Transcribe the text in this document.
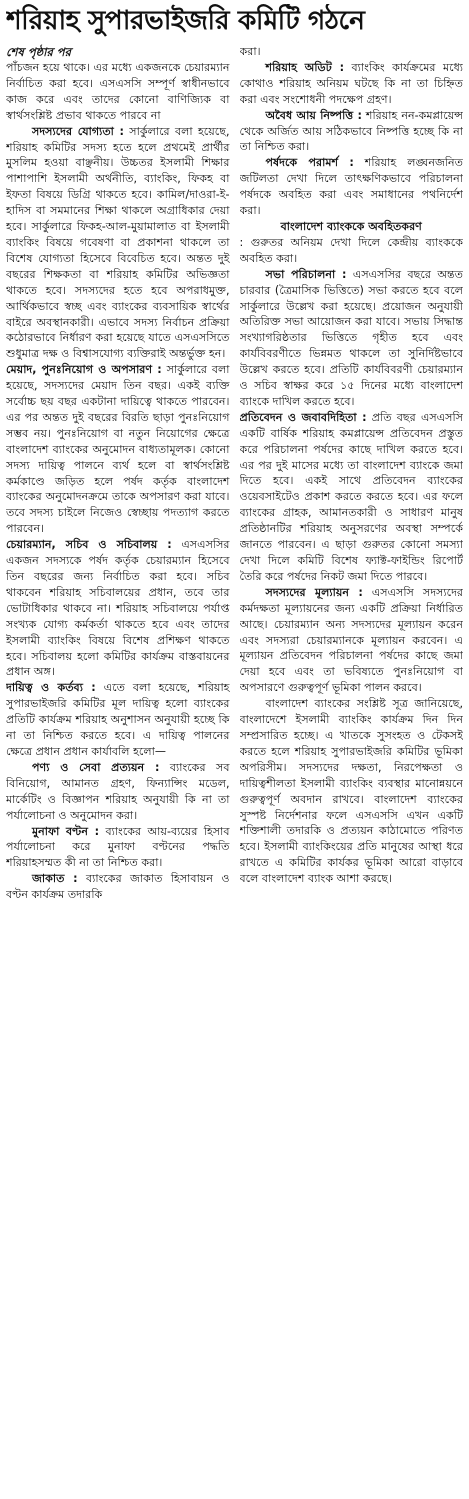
শরিয়াহ সুপারভাইজরি কমিটি গঠনে
শেষ পৃষ্ঠার পর

পাঁচজন হয়ে থাকে। এর মধ্যে একজনকে চেয়ারম্যান নির্বাচিত করা হবে। এসএসসি সম্পূর্ণ স্বাধীনভাবে কাজ করে এবং তাদের কোনো বাণিজ্যিক বা স্বার্থসংশ্লিষ্ট প্রভাব থাকতে পারবে না

সদস্যদের যোগ্যতা : সার্কুলারে বলা হয়েছে, শরিয়াহ কমিটির সদস্য হতে হলে প্রথমেই প্রার্থীর মুসলিম হওয়া বাঞ্ছনীয়। উচ্চতর ইসলামী শিক্ষার পাশাপাশি ইসলামী অর্থনীতি, ব্যাংকিং, ফিকহ বা ইফতা বিষয়ে ডিগ্রি থাকতে হবে। কামিল/দাওরা-ই-হাদিস বা সমমানের শিক্ষা থাকলে অগ্রাধিকার দেয়া হবে। সার্কুলারে ফিকহ-আল-মুয়ামালাত বা ইসলামী ব্যাংকিং বিষয়ে গবেষণা বা প্রকাশনা থাকলে তা বিশেষ যোগ্যতা হিসেবে বিবেচিত হবে। অন্তত দুই বছরের শিক্ষকতা বা শরিয়াহ কমিটির অভিজ্ঞতা থাকতে হবে। সদস্যদের হতে হবে অপরাধমুক্ত, আর্থিকভাবে স্বচ্ছ এবং ব্যাংকের ব্যবসায়িক স্বার্থের বাইরে অবস্থানকারী। এভাবে সদস্য নির্বাচন প্রক্রিয়া কঠোরভাবে নির্ধারণ করা হয়েছে যাতে এসএসসিতে শুধুমাত্র দক্ষ ও বিশ্বাসযোগ্য ব্যক্তিরাই অন্তর্ভুক্ত হন।

মেয়াদ, পুনঃনিয়োগ ও অপসারণ : সার্কুলারে বলা হয়েছে, সদস্যদের মেয়াদ তিন বছর। একই ব্যক্তি সর্বোচ্চ ছয় বছর একটানা দায়িত্বে থাকতে পারবেন। এর পর অন্তত দুই বছরের বিরতি ছাড়া পুনঃনিয়োগ সম্ভব নয়। পুনঃনিয়োগ বা নতুন নিয়োগের ক্ষেত্রে বাংলাদেশ ব্যাংকের অনুমোদন বাধ্যতামূলক। কোনো সদস্য দায়িত্ব পালনে ব্যর্থ হলে বা স্বার্থসংশ্লিষ্ট কর্মকাণ্ডে জড়িত হলে পর্ষদ কর্তৃক বাংলাদেশ ব্যাংকের অনুমোদনক্রমে তাকে অপসারণ করা যাবে। তবে সদস্য চাইলে নিজেও স্বেচ্ছায় পদত্যাগ করতে পারবেন।

চেয়ারম্যান, সচিব ও সচিবালয় : এসএসসির একজন সদস্যকে পর্ষদ কর্তৃক চেয়ারম্যান হিসেবে তিন বছরের জন্য নির্বাচিত করা হবে। সচিব থাকবেন শরিয়াহ সচিবালয়ের প্রধান, তবে তার ভোটাধিকার থাকবে না। শরিয়াহ সচিবালয়ে পর্যাপ্ত সংখ্যক যোগ্য কর্মকর্তা থাকতে হবে এবং তাদের ইসলামী ব্যাংকিং বিষয়ে বিশেষ প্রশিক্ষণ থাকতে হবে। সচিবালয় হলো কমিটির কার্যক্রম বাস্তবায়নের প্রধান অঙ্গ।

দায়িত্ব ও কর্তব্য : এতে বলা হয়েছে, শরিয়াহ সুপারভাইজরি কমিটির মূল দায়িত্ব হলো ব্যাংকের প্রতিটি কার্যক্রম শরিয়াহ অনুশাসন অনুযায়ী হচ্ছে কি না তা নিশ্চিত করতে হবে। এ দায়িত্ব পালনের ক্ষেত্রে প্রধান প্রধান কার্যাবলি হলো—

পণ্য ও সেবা প্রত্যয়ন : ব্যাংকের সব বিনিয়োগ, আমানত গ্রহণ, ফিন্যান্সিং মডেল, মার্কেটিং ও বিজ্ঞাপন শরিয়াহ অনুযায়ী কি না তা পর্যালোচনা ও অনুমোদন করা।

মুনাফা বণ্টন : ব্যাংকের আয়-ব্যয়ের হিসাব পর্যালোচনা করে মুনাফা বণ্টনের পদ্ধতি শরিয়াহসম্মত কী না তা নিশ্চিত করা।

জাকাত : ব্যাংকের জাকাত হিসাবায়ন ও বণ্টন কার্যক্রম তদারকি

করা।

শরিয়াহ অডিট : ব্যাংকিং কার্যক্রমের মধ্যে কোথাও শরিয়াহ অনিয়ম ঘটছে কি না তা চিহ্নিত করা এবং সংশোধনী পদক্ষেপ গ্রহণ।

অবৈধ আয় নিষ্পত্তি : শরিয়াহ নন-কমপ্লায়েন্স থেকে অর্জিত আয় সঠিকভাবে নিষ্পত্তি হচ্ছে কি না তা নিশ্চিত করা।

পর্ষদকে পরামর্শ : শরিয়াহ লঙ্ঘনজনিত জটিলতা দেখা দিলে তাৎক্ষণিকভাবে পরিচালনা পর্ষদকে অবহিত করা এবং সমাধানের পথনির্দেশ করা।

বাংলাদেশ ব্যাংককে অবহিতকরণ

: গুরুতর অনিয়ম দেখা দিলে কেন্দ্রীয় ব্যাংককে অবহিত করা।

সভা পরিচালনা : এসএসসির বছরে অন্তত চারবার (ত্রৈমাসিক ভিত্তিতে) সভা করতে হবে বলে সার্কুলারে উল্লেখ করা হয়েছে। প্রয়োজন অনুযায়ী অতিরিক্ত সভা আয়োজন করা যাবে। সভায় সিদ্ধান্ত সংখ্যাগরিষ্ঠতার ভিত্তিতে গৃহীত হবে এবং কার্যবিবরণীতে ভিন্নমত থাকলে তা সুনির্দিষ্টভাবে উল্লেখ করতে হবে। প্রতিটি কার্যবিবরণী চেয়ারম্যান ও সচিব স্বাক্ষর করে ১৫ দিনের মধ্যে বাংলাদেশ ব্যাংকে দাখিল করতে হবে।

প্রতিবেদন ও জবাবদিহিতা : প্রতি বছর এসএসসি একটি বার্ষিক শরিয়াহ কমপ্লায়েন্স প্রতিবেদন প্রস্তুত করে পরিচালনা পর্ষদের কাছে দাখিল করতে হবে। এর পর দুই মাসের মধ্যে তা বাংলাদেশ ব্যাংকে জমা দিতে হবে। একই সাথে প্রতিবেদন ব্যাংকের ওয়েবসাইটেও প্রকাশ করতে করতে হবে। এর ফলে ব্যাংকের গ্রাহক, আমানতকারী ও সাধারণ মানুষ প্রতিষ্ঠানটির শরিয়াহ অনুসরণের অবস্থা সম্পর্কে জানতে পারবেন। এ ছাড়া গুরুতর কোনো সমস্যা দেখা দিলে কমিটি বিশেষ ফ্যাক্ট-ফাইন্ডিং রিপোর্ট তৈরি করে পর্ষদের নিকট জমা দিতে পারবে।

সদস্যদের মূল্যায়ন : এসএসসি সদস্যদের কর্মদক্ষতা মূল্যায়নের জন্য একটি প্রক্রিয়া নির্ধারিত আছে। চেয়ারম্যান অন্য সদস্যদের মূল্যায়ন করেন এবং সদস্যরা চেয়ারম্যানকে মূল্যায়ন করবেন। এ মূল্যায়ন প্রতিবেদন পরিচালনা পর্ষদের কাছে জমা দেয়া হবে এবং তা ভবিষ্যতে পুনঃনিয়োগ বা অপসারণে গুরুত্বপূর্ণ ভূমিকা পালন করবে।

বাংলাদেশ ব্যাংকের সংশ্লিষ্ট সূত্র জানিয়েছে, বাংলাদেশে ইসলামী ব্যাংকিং কার্যক্রম দিন দিন সম্প্রসারিত হচ্ছে। এ খাতকে সুসংহত ও টেকসই করতে হলে শরিয়াহ সুপারভাইজরি কমিটির ভূমিকা অপরিসীম। সদস্যদের দক্ষতা, নিরপেক্ষতা ও দায়িত্বশীলতা ইসলামী ব্যাংকিং ব্যবস্থার মানোন্নয়নে গুরুত্বপূর্ণ অবদান রাখবে। বাংলাদেশ ব্যাংকের সুস্পষ্ট নির্দেশনার ফলে এসএসসি এখন একটি শক্তিশালী তদারকি ও প্রত্যয়ন কাঠামোতে পরিণত হবে। ইসলামী ব্যাংকিংয়ের প্রতি মানুষের আস্থা ধরে রাখতে এ কমিটির কার্যকর ভূমিকা আরো বাড়াবে বলে বাংলাদেশ ব্যাংক আশা করছে।
